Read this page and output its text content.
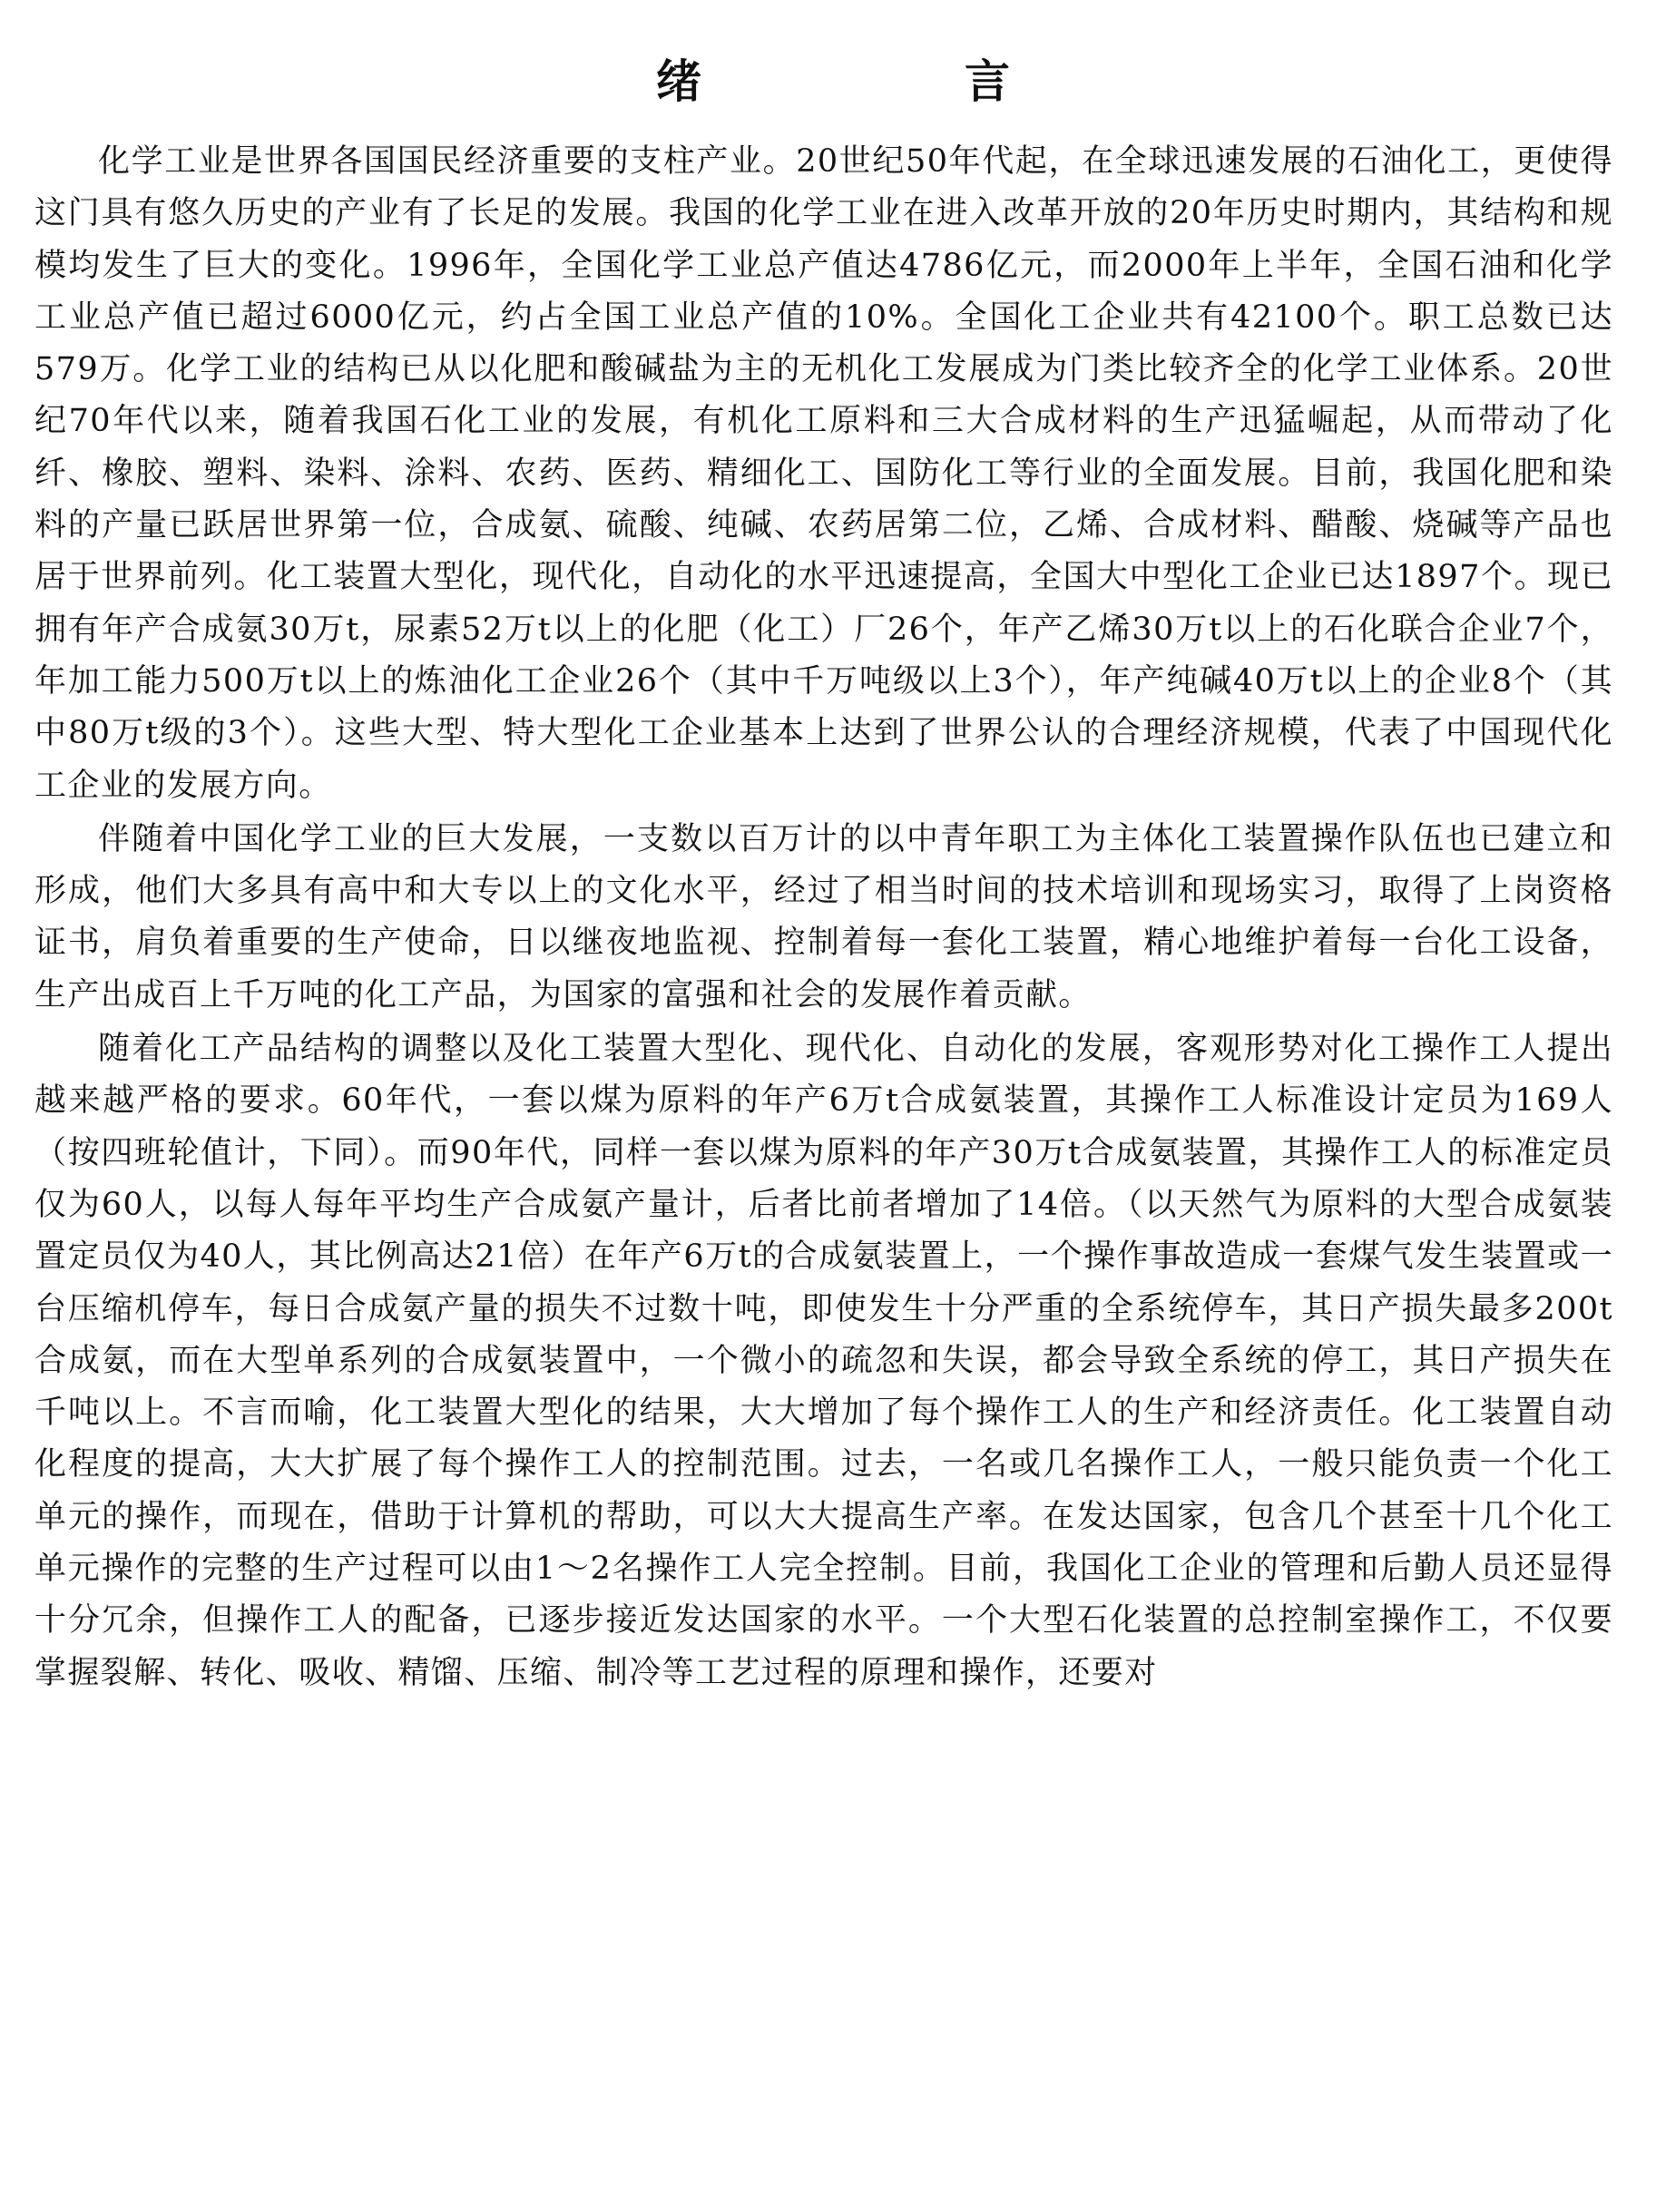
绪　言

化学工业是世界各国国民经济重要的支柱产业。20世纪50年代起，在全球迅速发展的石油化工，更使得这门具有悠久历史的产业有了长足的发展。我国的化学工业在进入改革开放的20年历史时期内，其结构和规模均发生了巨大的变化。1996年，全国化学工业总产值达4786亿元，而2000年上半年，全国石油和化学工业总产值已超过6000亿元，约占全国工业总产值的10%。全国化工企业共有42100个。职工总数已达579万。化学工业的结构已从以化肥和酸碱盐为主的无机化工发展成为门类比较齐全的化学工业体系。20世纪70年代以来，随着我国石化工业的发展，有机化工原料和三大合成材料的生产迅猛崛起，从而带动了化纤、橡胶、塑料、染料、涂料、农药、医药、精细化工、国防化工等行业的全面发展。目前，我国化肥和染料的产量已跃居世界第一位，合成氨、硫酸、纯碱、农药居第二位，乙烯、合成材料、醋酸、烧碱等产品也居于世界前列。化工装置大型化，现代化，自动化的水平迅速提高，全国大中型化工企业已达1897个。现已拥有年产合成氨30万t，尿素52万t以上的化肥（化工）厂26个，年产乙烯30万t以上的石化联合企业7个，年加工能力500万t以上的炼油化工企业26个（其中千万吨级以上3个），年产纯碱40万t以上的企业8个（其中80万t级的3个）。这些大型、特大型化工企业基本上达到了世界公认的合理经济规模，代表了中国现代化工企业的发展方向。

伴随着中国化学工业的巨大发展，一支数以百万计的以中青年职工为主体化工装置操作队伍也已建立和形成，他们大多具有高中和大专以上的文化水平，经过了相当时间的技术培训和现场实习，取得了上岗资格证书，肩负着重要的生产使命，日以继夜地监视、控制着每一套化工装置，精心地维护着每一台化工设备，生产出成百上千万吨的化工产品，为国家的富强和社会的发展作着贡献。

随着化工产品结构的调整以及化工装置大型化、现代化、自动化的发展，客观形势对化工操作工人提出越来越严格的要求。60年代，一套以煤为原料的年产6万t合成氨装置，其操作工人标准设计定员为169人（按四班轮值计，下同）。而90年代，同样一套以煤为原料的年产30万t合成氨装置，其操作工人的标准定员仅为60人，以每人每年平均生产合成氨产量计，后者比前者增加了14倍。（以天然气为原料的大型合成氨装置定员仅为40人，其比例高达21倍）在年产6万t的合成氨装置上，一个操作事故造成一套煤气发生装置或一台压缩机停车，每日合成氨产量的损失不过数十吨，即使发生十分严重的全系统停车，其日产损失最多200t合成氨，而在大型单系列的合成氨装置中，一个微小的疏忽和失误，都会导致全系统的停工，其日产损失在千吨以上。不言而喻，化工装置大型化的结果，大大增加了每个操作工人的生产和经济责任。化工装置自动化程度的提高，大大扩展了每个操作工人的控制范围。过去，一名或几名操作工人，一般只能负责一个化工单元的操作，而现在，借助于计算机的帮助，可以大大提高生产率。在发达国家，包含几个甚至十几个化工单元操作的完整的生产过程可以由1～2名操作工人完全控制。目前，我国化工企业的管理和后勤人员还显得十分冗余，但操作工人的配备，已逐步接近发达国家的水平。一个大型石化装置的总控制室操作工，不仅要掌握裂解、转化、吸收、精馏、压缩、制冷等工艺过程的原理和操作，还要对
